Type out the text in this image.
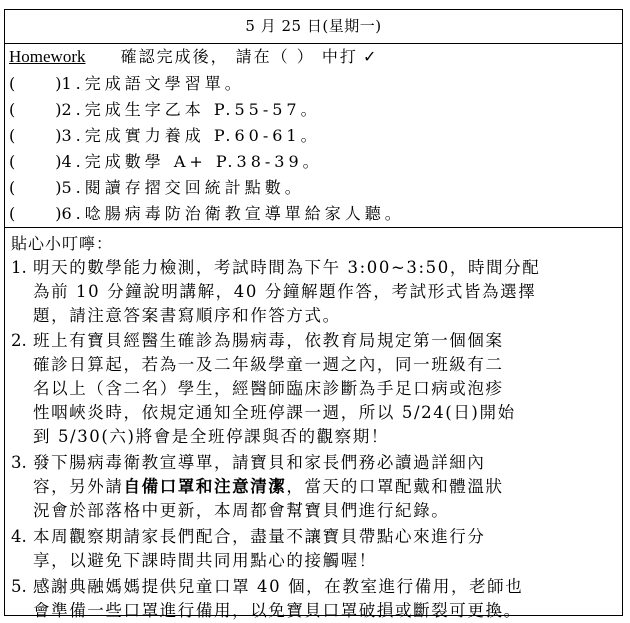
5 月 25 日(星期一)
Homework 確認完成後， 請在（ ） 中打 ✓
(	)1.完成語文學習單。
(	)2.完成生字乙本 P.55-57。
(	)3.完成實力養成 P.60-61。
(	)4.完成數學 A+ P.38-39。
(	)5.閱讀存摺交回統計點數。
(	)6.唸腸病毒防治衛教宣導單給家人聽。
貼心小叮嚀：
1. 明天的數學能力檢測，考試時間為下午 3:00~3:50，時間分配
為前 10 分鐘說明講解，40 分鐘解題作答，考試形式皆為選擇
題，請注意答案書寫順序和作答方式。
2. 班上有寶貝經醫生確診為腸病毒，依教育局規定第一個個案
確診日算起，若為一及二年級學童一週之內，同一班級有二
名以上（含二名）學生，經醫師臨床診斷為手足口病或泡疹
性咽峽炎時，依規定通知全班停課一週，所以 5/24(日)開始
到 5/30(六)將會是全班停課與否的觀察期！
3. 發下腸病毒衛教宣導單，請寶貝和家長們務必讀過詳細內
容，另外請自備口罩和注意清潔，當天的口罩配戴和體溫狀
況會於部落格中更新，本周都會幫寶貝們進行紀錄。
4. 本周觀察期請家長們配合，盡量不讓寶貝帶點心來進行分
享，以避免下課時間共同用點心的接觸喔！
5. 感謝典融媽媽提供兒童口罩 40 個，在教室進行備用，老師也
會準備一些口罩進行備用，以免寶貝口罩破損或斷裂可更換。
